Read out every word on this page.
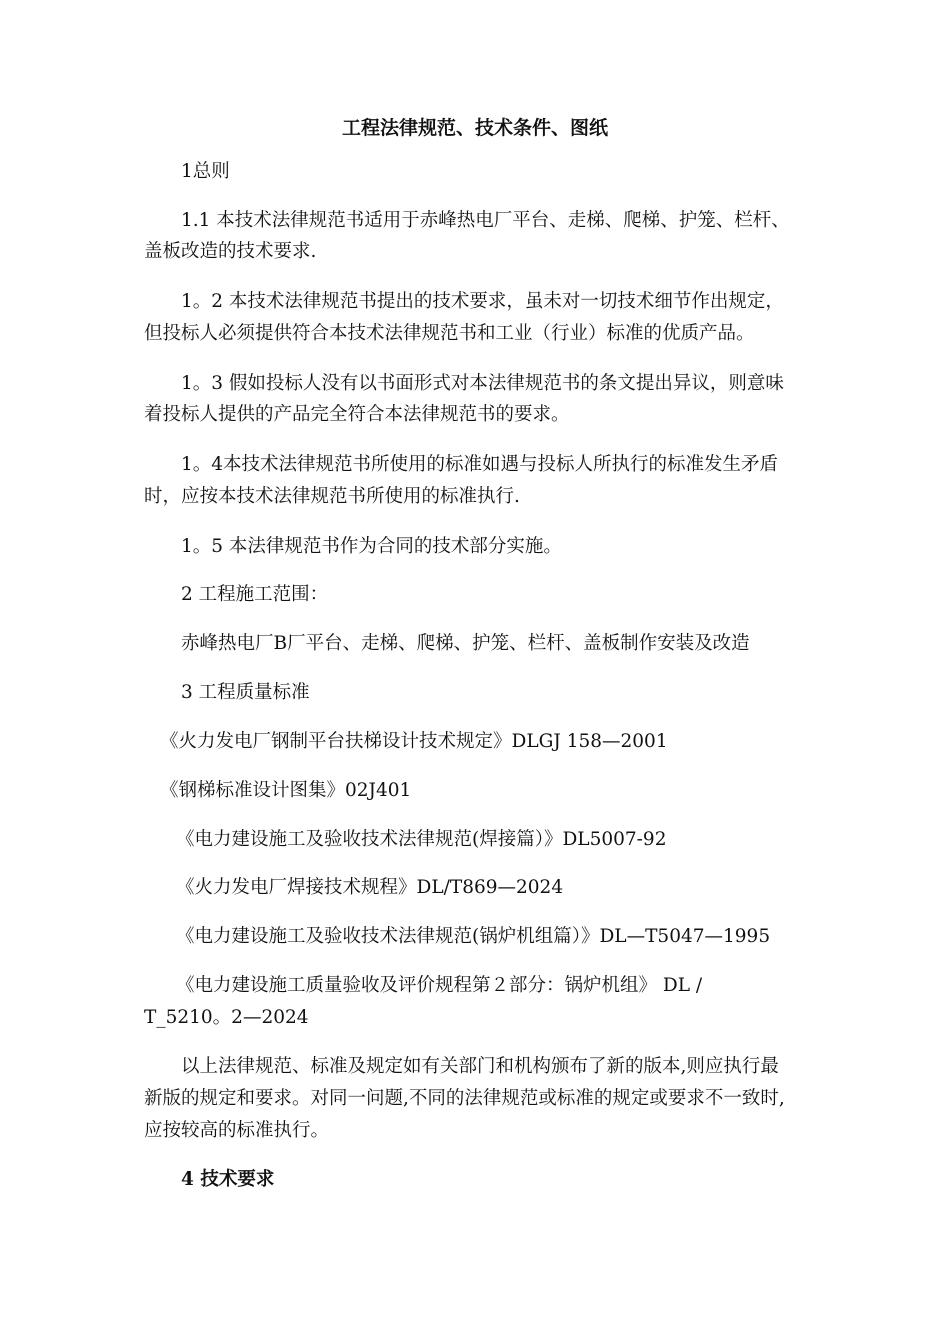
工程法律规范、技术条件、图纸
1总则
1.1 本技术法律规范书适用于赤峰热电厂平台、走梯、爬梯、护笼、栏杆、
盖板改造的技术要求.
1。2 本技术法律规范书提出的技术要求，虽未对一切技术细节作出规定，
但投标人必须提供符合本技术法律规范书和工业（行业）标准的优质产品。
1。3 假如投标人没有以书面形式对本法律规范书的条文提出异议，则意味
着投标人提供的产品完全符合本法律规范书的要求。
1。4本技术法律规范书所使用的标准如遇与投标人所执行的标准发生矛盾
时，应按本技术法律规范书所使用的标准执行.
1。5 本法律规范书作为合同的技术部分实施。
2 工程施工范围：
赤峰热电厂B厂平台、走梯、爬梯、护笼、栏杆、盖板制作安装及改造
3 工程质量标准
《火力发电厂钢制平台扶梯设计技术规定》DLGJ 158—2001
《钢梯标准设计图集》02J401
《电力建设施工及验收技术法律规范(焊接篇）》DL5007-92
《火力发电厂焊接技术规程》DL/T869—2024
《电力建设施工及验收技术法律规范(锅炉机组篇）》DL—T5047—1995
《电力建设施工质量验收及评价规程第２部分：锅炉机组》 DL /
T_5210。2—2024
以上法律规范、标准及规定如有关部门和机构颁布了新的版本,则应执行最
新版的规定和要求。对同一问题,不同的法律规范或标准的规定或要求不一致时,
应按较高的标准执行。
4 技术要求
